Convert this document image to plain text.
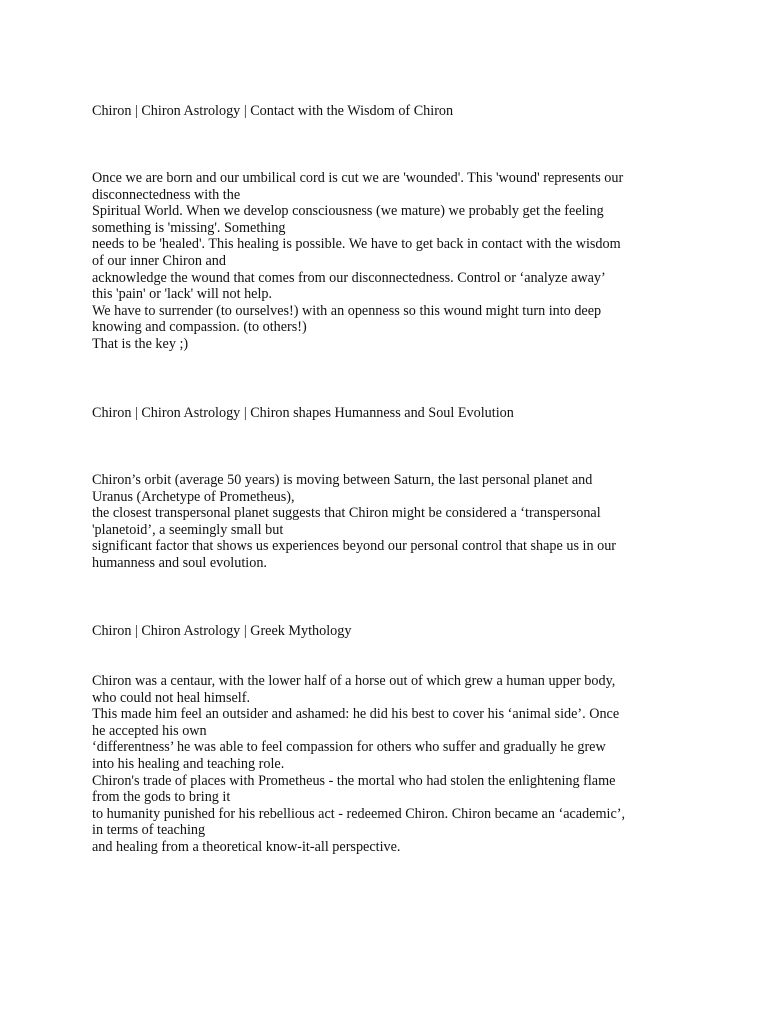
Chiron | Chiron Astrology | Contact with the Wisdom of Chiron
Once we are born and our umbilical cord is cut we are 'wounded'. This 'wound' represents our
disconnectedness with the
Spiritual World. When we develop consciousness (we mature) we probably get the feeling
something is 'missing'. Something
needs to be 'healed'. This healing is possible. We have to get back in contact with the wisdom
of our inner Chiron and
acknowledge the wound that comes from our disconnectedness. Control or ‘analyze away’
this 'pain' or 'lack' will not help.
We have to surrender (to ourselves!) with an openness so this wound might turn into deep
knowing and compassion. (to others!)
That is the key ;)
Chiron | Chiron Astrology | Chiron shapes Humanness and Soul Evolution
Chiron’s orbit (average 50 years) is moving between Saturn, the last personal planet and
Uranus (Archetype of Prometheus),
the closest transpersonal planet suggests that Chiron might be considered a ‘transpersonal
'planetoid’, a seemingly small but
significant factor that shows us experiences beyond our personal control that shape us in our
humanness and soul evolution.
Chiron | Chiron Astrology | Greek Mythology
Chiron was a centaur, with the lower half of a horse out of which grew a human upper body,
who could not heal himself.
This made him feel an outsider and ashamed: he did his best to cover his ‘animal side’. Once
he accepted his own
‘differentness’ he was able to feel compassion for others who suffer and gradually he grew
into his healing and teaching role.
Chiron's trade of places with Prometheus - the mortal who had stolen the enlightening flame
from the gods to bring it
to humanity punished for his rebellious act - redeemed Chiron. Chiron became an ‘academic’,
in terms of teaching
and healing from a theoretical know-it-all perspective.
